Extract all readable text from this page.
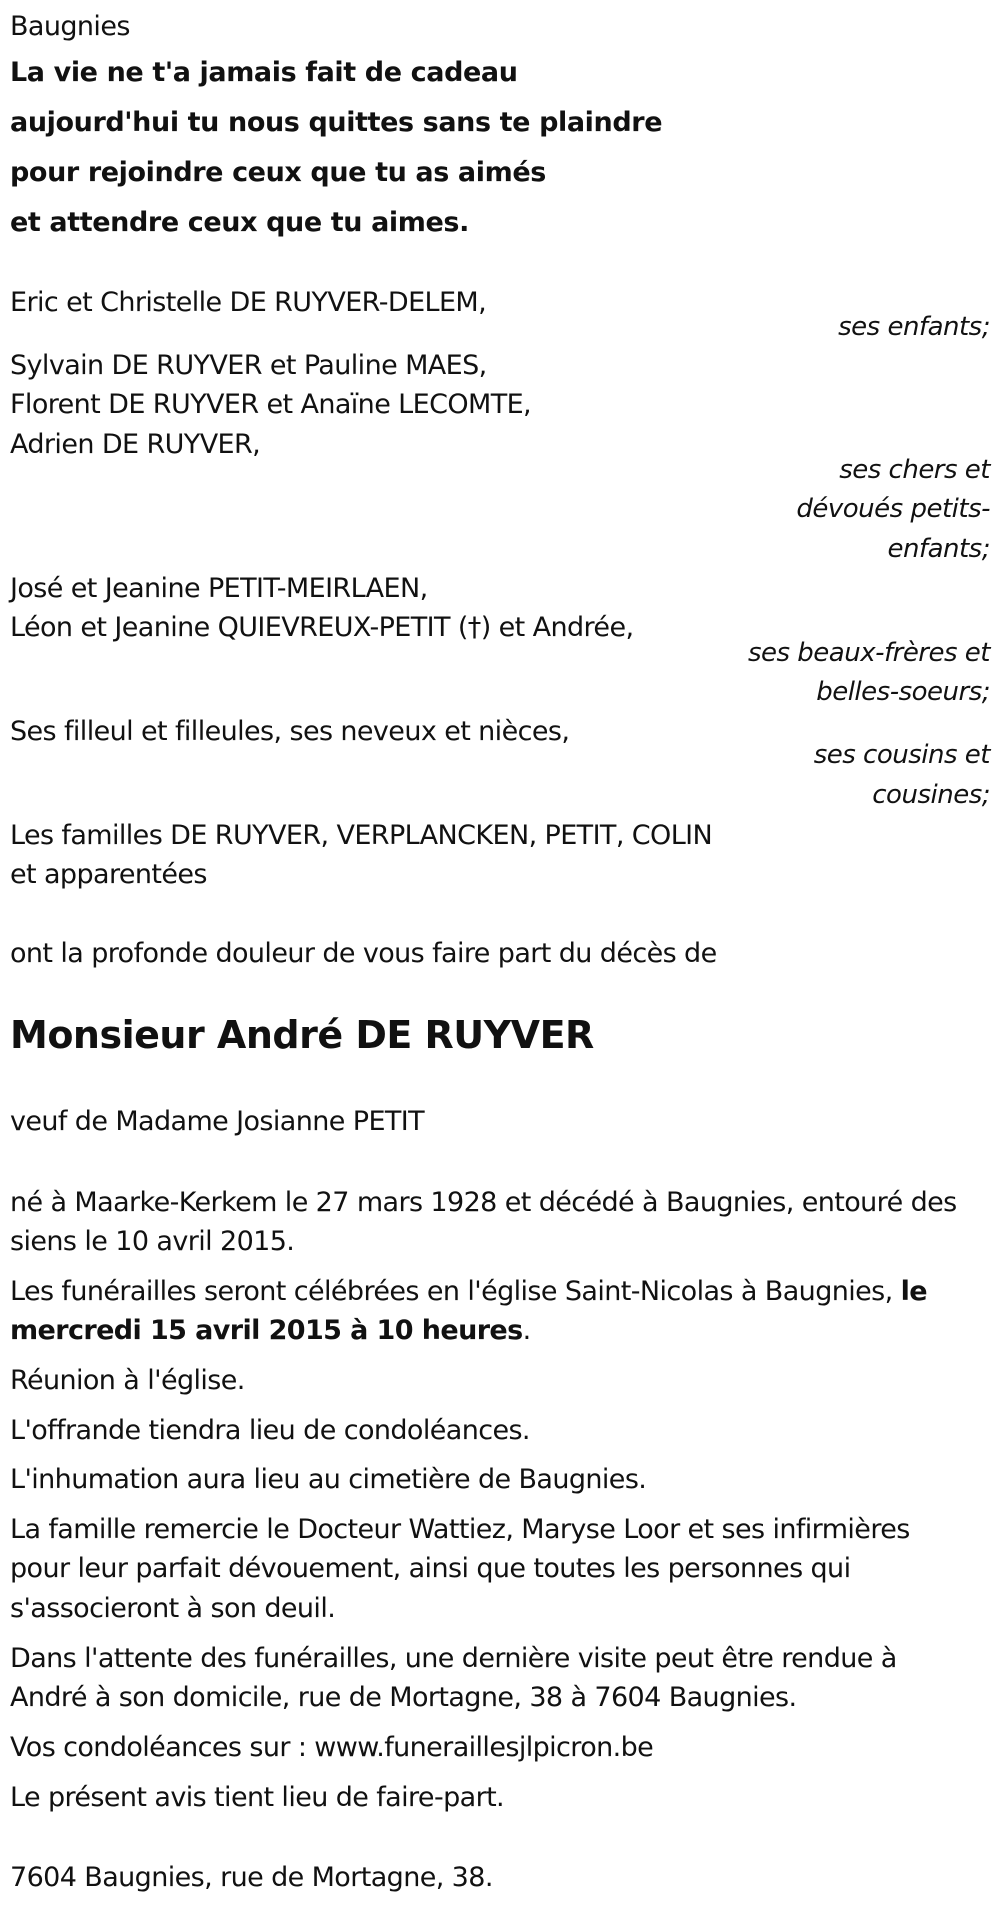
Baugnies
La vie ne t'a jamais fait de cadeau
aujourd'hui tu nous quittes sans te plaindre
pour rejoindre ceux que tu as aimés
et attendre ceux que tu aimes.
Eric et Christelle DE RUYVER-DELEM,
ses enfants;
Sylvain DE RUYVER et Pauline MAES,
Florent DE RUYVER et Anaïne LECOMTE,
Adrien DE RUYVER,
ses chers et
dévoués petits-
enfants;
José et Jeanine PETIT-MEIRLAEN,
Léon et Jeanine QUIEVREUX-PETIT (†) et Andrée,
ses beaux-frères et
belles-soeurs;
Ses filleul et filleules, ses neveux et nièces,
ses cousins et
cousines;
Les familles DE RUYVER, VERPLANCKEN, PETIT, COLIN
et apparentées
ont la profonde douleur de vous faire part du décès de
Monsieur André DE RUYVER
veuf de Madame Josianne PETIT
né à Maarke-Kerkem le 27 mars 1928 et décédé à Baugnies, entouré des
siens le 10 avril 2015.
Les funérailles seront célébrées en l'église Saint-Nicolas à Baugnies, le
mercredi 15 avril 2015 à 10 heures.
Réunion à l'église.
L'offrande tiendra lieu de condoléances.
L'inhumation aura lieu au cimetière de Baugnies.
La famille remercie le Docteur Wattiez, Maryse Loor et ses infirmières
pour leur parfait dévouement, ainsi que toutes les personnes qui
s'associeront à son deuil.
Dans l'attente des funérailles, une dernière visite peut être rendue à
André à son domicile, rue de Mortagne, 38 à 7604 Baugnies.
Vos condoléances sur : www.funeraillesjlpicron.be
Le présent avis tient lieu de faire-part.
7604 Baugnies, rue de Mortagne, 38.
